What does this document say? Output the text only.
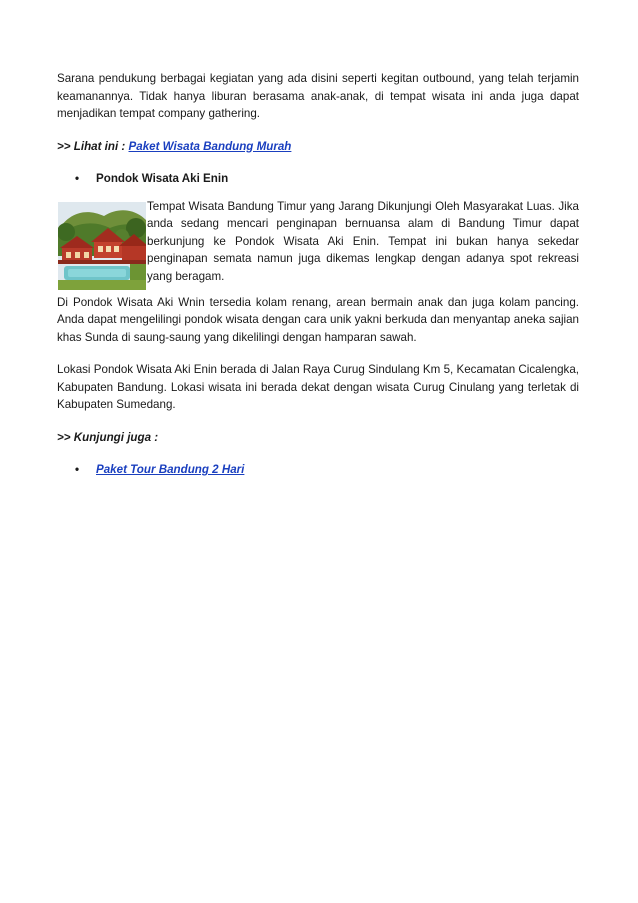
Sarana pendukung berbagai kegiatan yang ada disini seperti kegitan outbound, yang telah terjamin keamanannya. Tidak hanya liburan berasama anak-anak, di tempat wisata ini anda juga dapat menjadikan tempat company gathering.

>> Lihat ini : Paket Wisata Bandung Murah

• Pondok Wisata Aki Enin

Tempat Wisata Bandung Timur yang Jarang Dikunjungi Oleh Masyarakat Luas. Jika anda sedang mencari penginapan bernuansa alam di Bandung Timur dapat berkunjung ke Pondok Wisata Aki Enin. Tempat ini bukan hanya sekedar penginapan semata namun juga dikemas lengkap dengan adanya spot rekreasi yang beragam.

Di Pondok Wisata Aki Wnin tersedia kolam renang, arean bermain anak dan juga kolam pancing. Anda dapat mengelilingi pondok wisata dengan cara unik yakni berkuda dan menyantap aneka sajian khas Sunda di saung-saung yang dikelilingi dengan hamparan sawah.

Lokasi Pondok Wisata Aki Enin berada di Jalan Raya Curug Sindulang Km 5, Kecamatan Cicalengka, Kabupaten Bandung. Lokasi wisata ini berada dekat dengan wisata Curug Cinulang yang terletak di Kabupaten Sumedang.

>> Kunjungi juga :

• Paket Tour Bandung 2 Hari
